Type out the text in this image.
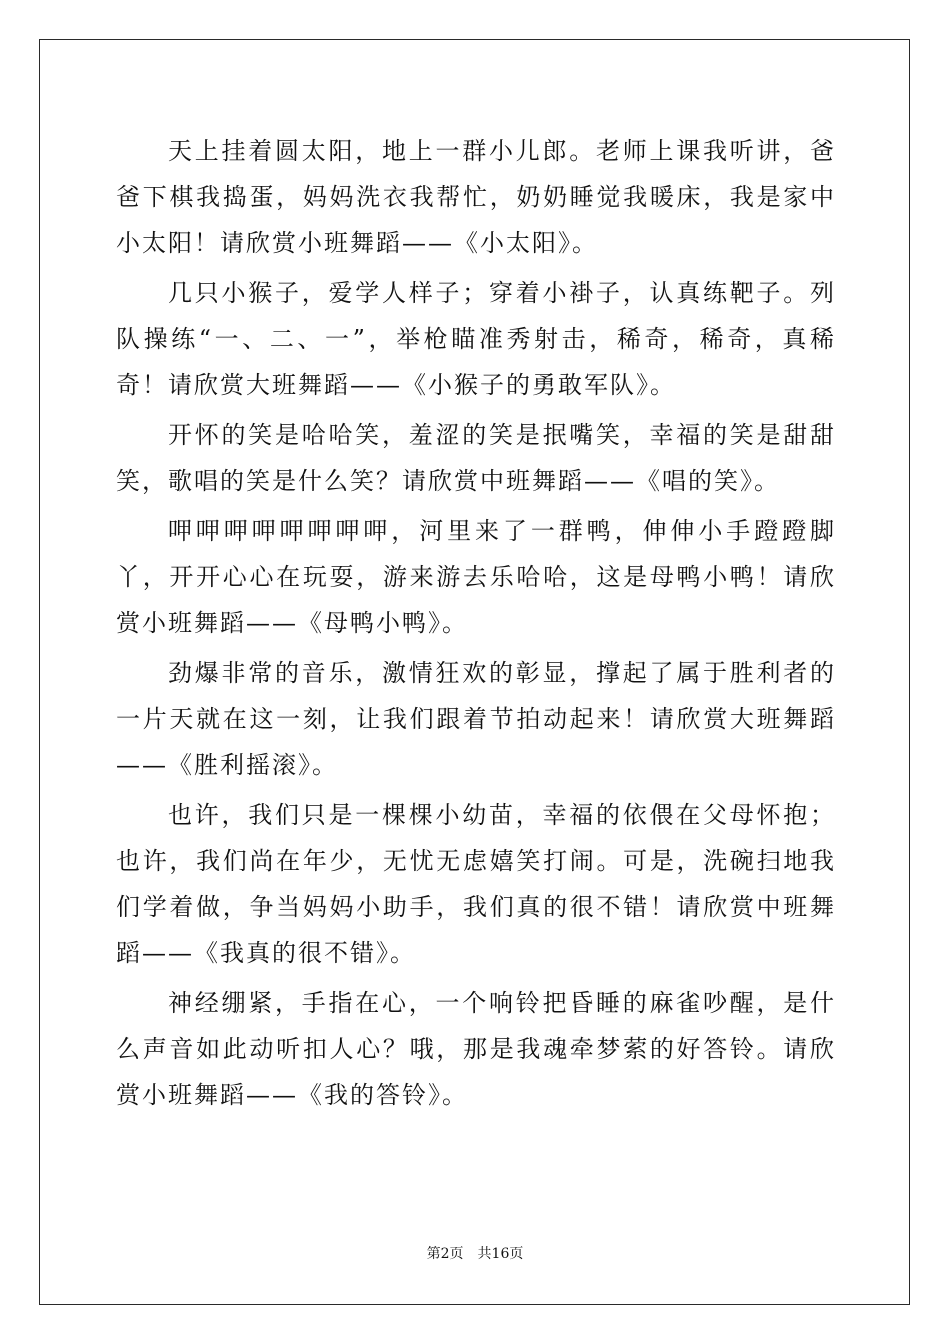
天上挂着圆太阳，地上一群小儿郎。老师上课我听讲，爸爸下棋我捣蛋，妈妈洗衣我帮忙，奶奶睡觉我暖床，我是家中小太阳！请欣赏小班舞蹈——《小太阳》。

几只小猴子，爱学人样子；穿着小褂子，认真练靶子。列队操练“一、二、一”，举枪瞄准秀射击，稀奇，稀奇，真稀奇！请欣赏大班舞蹈——《小猴子的勇敢军队》。

开怀的笑是哈哈笑，羞涩的笑是抿嘴笑，幸福的笑是甜甜笑，歌唱的笑是什么笑？请欣赏中班舞蹈——《唱的笑》。

呷呷呷呷呷呷呷呷，河里来了一群鸭，伸伸小手蹬蹬脚丫，开开心心在玩耍，游来游去乐哈哈，这是母鸭小鸭！请欣赏小班舞蹈——《母鸭小鸭》。

劲爆非常的音乐，激情狂欢的彰显，撑起了属于胜利者的一片天就在这一刻，让我们跟着节拍动起来！请欣赏大班舞蹈——《胜利摇滚》。

也许，我们只是一棵棵小幼苗，幸福的依偎在父母怀抱；也许，我们尚在年少，无忧无虑嬉笑打闹。可是，洗碗扫地我们学着做，争当妈妈小助手，我们真的很不错！请欣赏中班舞蹈——《我真的很不错》。

神经绷紧，手指在心，一个响铃把昏睡的麻雀吵醒，是什么声音如此动听扣人心？哦，那是我魂牵梦萦的好答铃。请欣赏小班舞蹈——《我的答铃》。

第2页 共16页
